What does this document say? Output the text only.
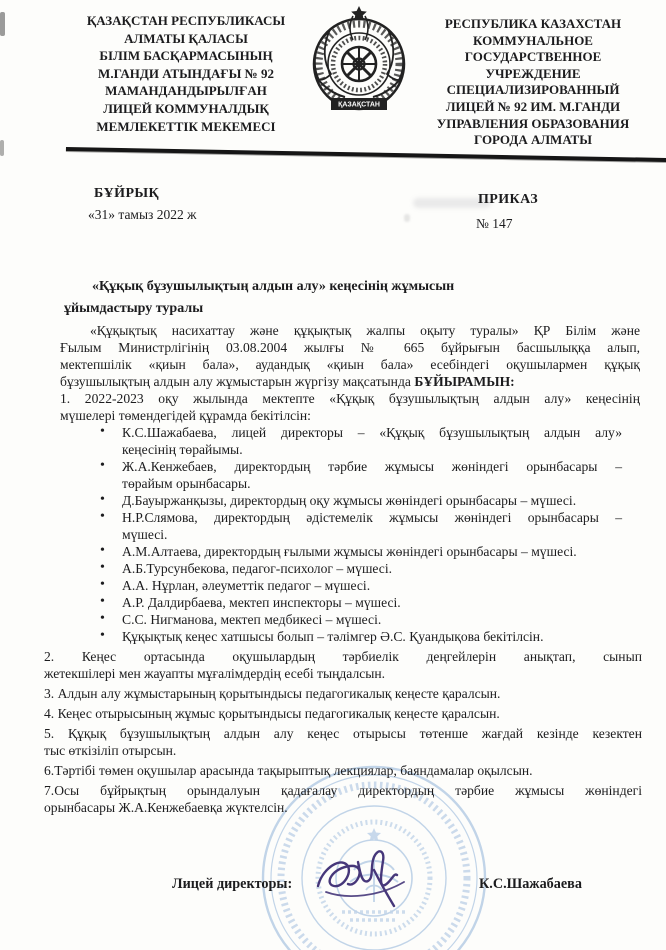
ҚАЗАҚСТАН РЕСПУБЛИКАСЫ
АЛМАТЫ ҚАЛАСЫ
БІЛІМ БАСҚАРМАСЫНЫҢ
М.ГАНДИ АТЫНДАҒЫ № 92
МАМАНДАНДЫРЫЛҒАН
ЛИЦЕЙ КОММУНАЛДЫҚ
МЕМЛЕКЕТТІК МЕКЕМЕСІ
ҚАЗАҚСТАН
РЕСПУБЛИКА КАЗАХСТАН
КОММУНАЛЬНОЕ
ГОСУДАРСТВЕННОЕ
УЧРЕЖДЕНИЕ
СПЕЦИАЛИЗИРОВАННЫЙ
ЛИЦЕЙ № 92 ИМ. М.ГАНДИ
УПРАВЛЕНИЯ ОБРАЗОВАНИЯ
ГОРОДА АЛМАТЫ
БҰЙРЫҚ
«31» тамыз 2022 ж
ПРИКАЗ
№ 147
«Құқық бұзушылықтың алдын алу» кеңесінің жұмысын
ұйымдастыру туралы
«Құқықтық насихаттау және құқықтық жалпы оқыту туралы» ҚР Білім және
Ғылым Министрлігінің 03.08.2004 жылғы № 665 бұйрығын басшылыққа алып,
мектепшілік «қиын бала», аудандық «қиын бала» есебіндегі оқушылармен құқық
бұзушылықтың алдын алу жұмыстарын жүргізу мақсатында БҰЙЫРАМЫН:
1. 2022-2023 оқу жылында мектепте «Құқық бұзушылықтың алдын алу» кеңесінің
мүшелері төмендегідей құрамда бекітілсін:
• К.С.Шажабаева, лицей директоры – «Құқық бұзушылықтың алдын алу»
кеңесінің төрайымы.
• Ж.А.Кенжебаев, директордың тәрбие жұмысы жөніндегі орынбасары –
төрайым орынбасары.
• Д.Бауыржанқызы, директордың оқу жұмысы жөніндегі орынбасары – мүшесі.
• Н.Р.Слямова, директордың әдістемелік жұмысы жөніндегі орынбасары –
мүшесі.
• А.М.Алтаева, директордың ғылыми жұмысы жөніндегі орынбасары – мүшесі.
• А.Б.Турсунбекова, педагог-психолог – мүшесі.
• А.А. Нұрлан, әлеуметтік педагог – мүшесі.
• А.Р. Далдирбаева, мектеп инспекторы – мүшесі.
• С.С. Нигманова, мектеп медбикесі – мүшесі.
• Құқықтық кеңес хатшысы болып – тәлімгер Ә.С. Қуандықова бекітілсін.
2. Кеңес ортасында оқушылардың тәрбиелік деңгейлерін анықтап, сынып
жетекшілері мен жауапты мұғалімдердің есебі тыңдалсын.
3. Алдын алу жұмыстарының қорытындысы педагогикалық кеңесте қаралсын.
4. Кеңес отырысының жұмыс қорытындысы педагогикалық кеңесте қаралсын.
5. Құқық бұзушылықтың алдын алу кеңес отырысы төтенше жағдай кезінде кезектен
тыс өткізіліп отырсын.
6.Тәртібі төмен оқушылар арасында тақырыптық лекциялар, баяндамалар оқылсын.
7.Осы бұйрықтың орындалуын қадағалау директордың тәрбие жұмысы жөніндегі
орынбасары Ж.А.Кенжебаевқа жүктелсін.
Лицей директоры:	К.С.Шажабаева
